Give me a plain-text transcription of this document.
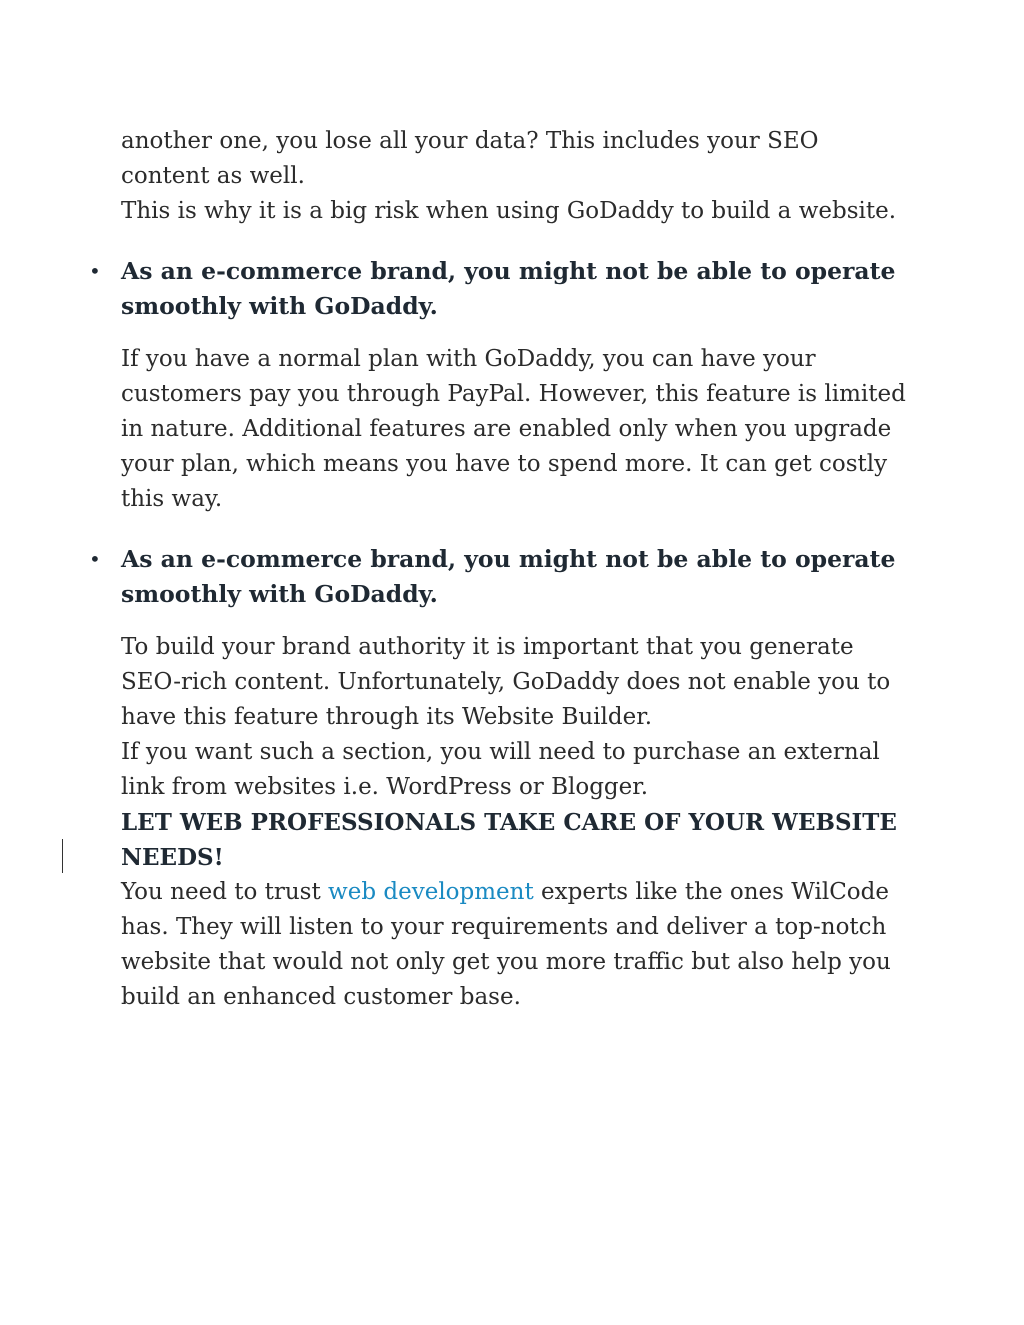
another one, you lose all your data? This includes your SEO content as well.

This is why it is a big risk when using GoDaddy to build a website.

• As an e-commerce brand, you might not be able to operate smoothly with GoDaddy.

If you have a normal plan with GoDaddy, you can have your customers pay you through PayPal. However, this feature is limited in nature. Additional features are enabled only when you upgrade your plan, which means you have to spend more. It can get costly this way.

• As an e-commerce brand, you might not be able to operate smoothly with GoDaddy.

To build your brand authority it is important that you generate SEO-rich content. Unfortunately, GoDaddy does not enable you to have this feature through its Website Builder.

If you want such a section, you will need to purchase an external link from websites i.e. WordPress or Blogger.

LET WEB PROFESSIONALS TAKE CARE OF YOUR WEBSITE NEEDS!

You need to trust web development experts like the ones WilCode has. They will listen to your requirements and deliver a top-notch website that would not only get you more traffic but also help you build an enhanced customer base.
